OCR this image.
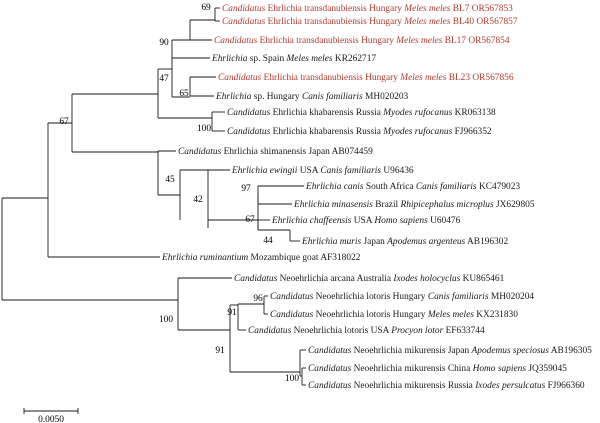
Candidatus Ehrlichia transdanubiensis Hungary Meles meles BL7 OR567853
Candidatus Ehrlichia transdanubiensis Hungary Meles meles BL40 OR567857
Candidatus Ehrlichia transdanubiensis Hungary Meles meles BL17 OR567854
Ehrlichia sp. Spain Meles meles KR262717
Candidatus Ehrlichia transdanubiensis Hungary Meles meles BL23 OR567856
Ehrlichia sp. Hungary Canis familiaris MH020203
Candidatus Ehrlichia khabarensis Russia Myodes rufocanus KR063138
Candidatus Ehrlichia khabarensis Russia Myodes rufocanus FJ966352
Candidatus Ehrlichia shimanensis Japan AB074459
Ehrlichia ewingii USA Canis familiaris U96436
Ehrlichia canis South Africa Canis familiaris KC479023
Ehrlichia minasensis Brazil Rhipicephalus microplus JX629805
Ehrlichia chaffeensis USA Homo sapiens U60476
Ehrlichia muris Japan Apodemus argenteus AB196302
Ehrlichia ruminantium Mozambique goat AF318022
Candidatus Neoehrlichia arcana Australia Ixodes holocyclus KU865461
Candidatus Neoehrlichia lotoris Hungary Canis familiaris MH020204
Candidatus Neoehrlichia lotoris Hungary Meles meles KX231830
Candidatus Neoehrlichia lotoris USA Procyon lotor EF633744
Candidatus Neoehrlichia mikurensis Japan Apodemus speciosus AB196305
Candidatus Neoehrlichia mikurensis China Homo sapiens JQ359045
Candidatus Neoehrlichia mikurensis Russia Ixodes persulcatus FJ966360
69
90
47
65
67
100
45
42
97
67
44
100
96
91
91
100
0.0050
